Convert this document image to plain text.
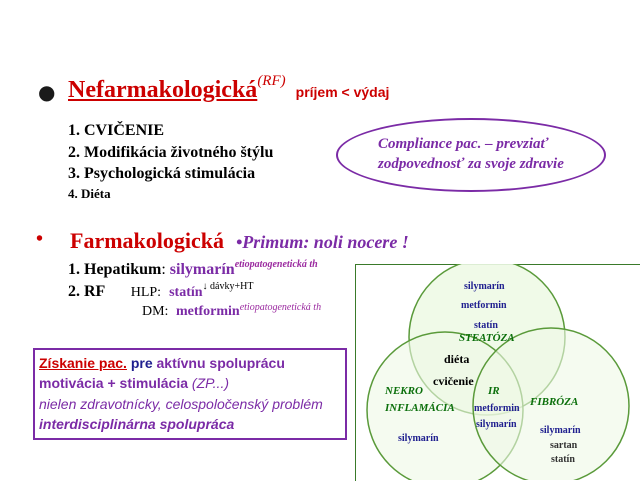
● Nefarmakologická(RF) príjem < výdaj
1. CVIČENIE
2. Modifikácia životného štýlu
3. Psychologická stimulácia
4. Diéta
Compliance pac. – prevziať
zodpovednosť za svoje zdravie
• Farmakologická •Primum: noli nocere !
1. Hepatikum: silymarín$^{etiopatogenetická th}$
2. RF HLP: statín$^{↓ dávky+HT}$
DM: metformin$^{etiopatogenetická th}$
Získanie pac. pre aktívnu spoluprácu
motivácia + stimulácia (ZP...)
nielen zdravotnícky, celospoločenský problém
interdisciplinárna spolupráca
silymarín
metformin
statín
STEATÓZA
diéta
cvičenie
IR
metformin
silymarín
NEKRO
INFLAMÁCIA
silymarín
FIBRÓZA
silymarín
sartan
statín
